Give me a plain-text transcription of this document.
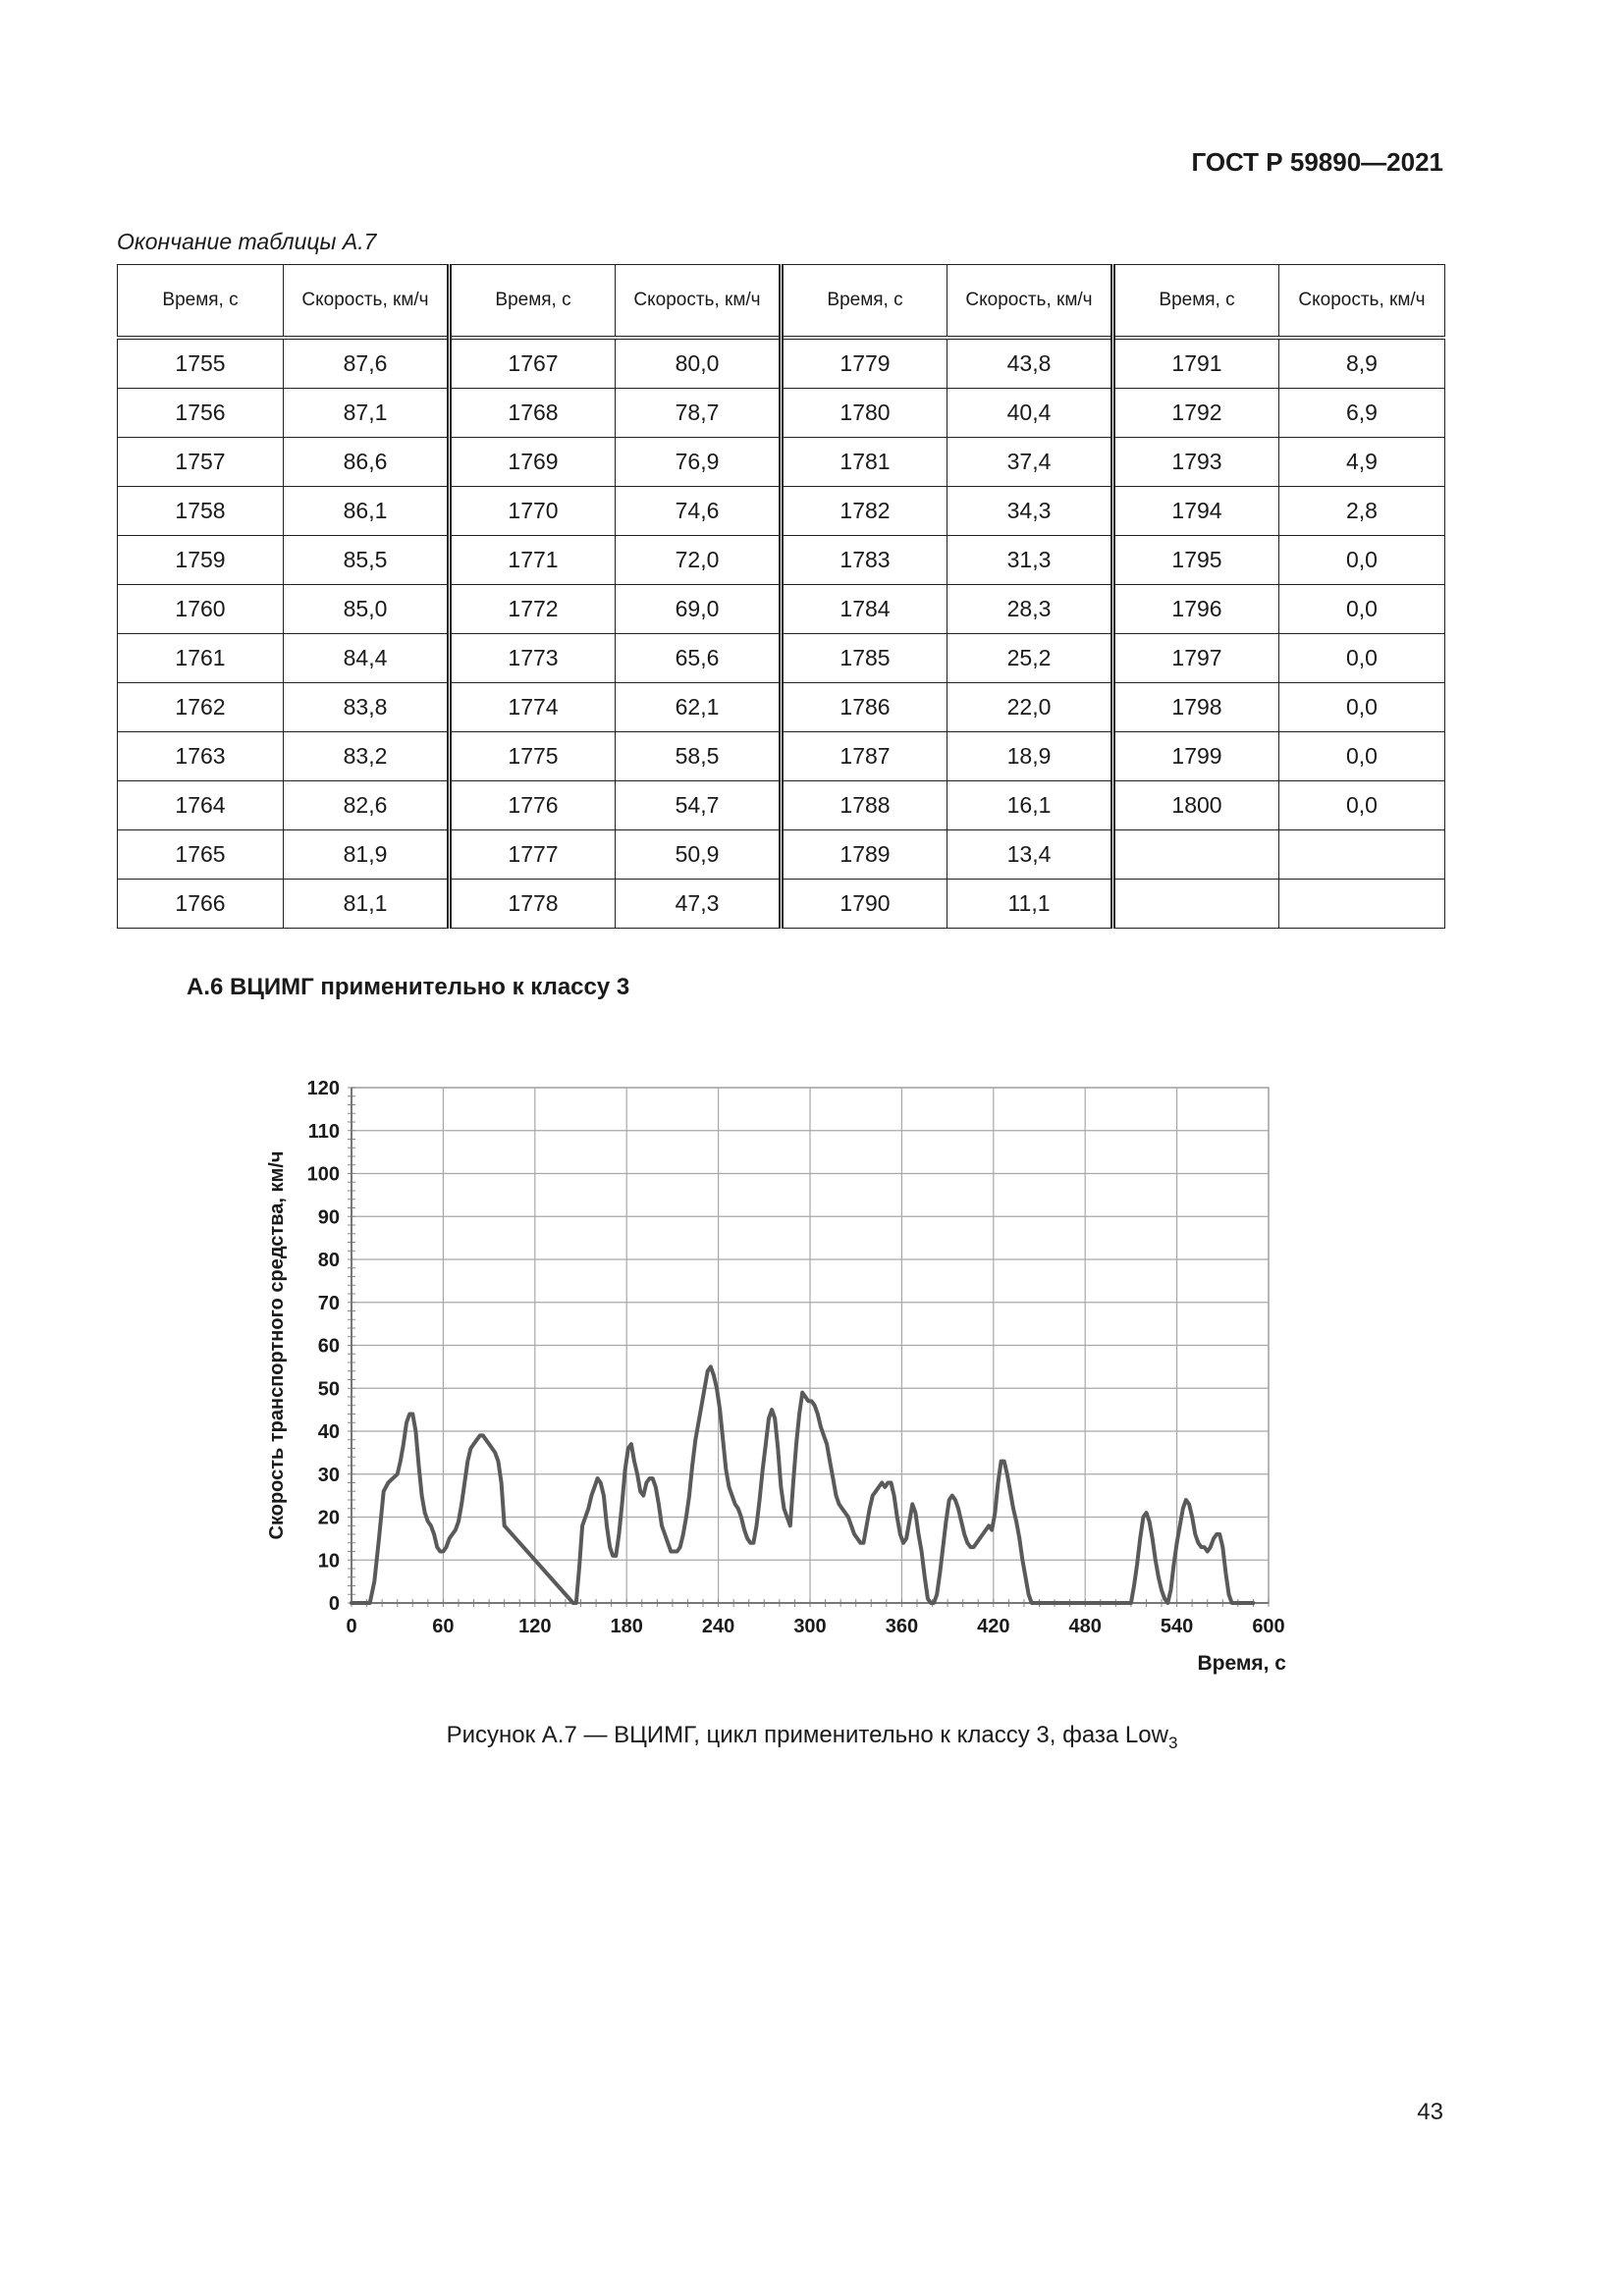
ГОСТ Р 59890—2021
Окончание таблицы А.7
Время, с	Скорость, км/ч	Время, с	Скорость, км/ч	Время, с	Скорость, км/ч	Время, с	Скорость, км/ч
1755	87,6	1767	80,0	1779	43,8	1791	8,9
1756	87,1	1768	78,7	1780	40,4	1792	6,9
1757	86,6	1769	76,9	1781	37,4	1793	4,9
1758	86,1	1770	74,6	1782	34,3	1794	2,8
1759	85,5	1771	72,0	1783	31,3	1795	0,0
1760	85,0	1772	69,0	1784	28,3	1796	0,0
1761	84,4	1773	65,6	1785	25,2	1797	0,0
1762	83,8	1774	62,1	1786	22,0	1798	0,0
1763	83,2	1775	58,5	1787	18,9	1799	0,0
1764	82,6	1776	54,7	1788	16,1	1800	0,0
1765	81,9	1777	50,9	1789	13,4		
1766	81,1	1778	47,3	1790	11,1		
А.6 ВЦИМГ применительно к классу 3
0
10
20
30
40
50
60
70
80
90
100
110
120
0	60	120	180	240	300	360	420	480	540	600
Время, с
Скорость транспортного средства, км/ч
Рисунок А.7 — ВЦИМГ, цикл применительно к классу 3, фаза Low$_3$
43
